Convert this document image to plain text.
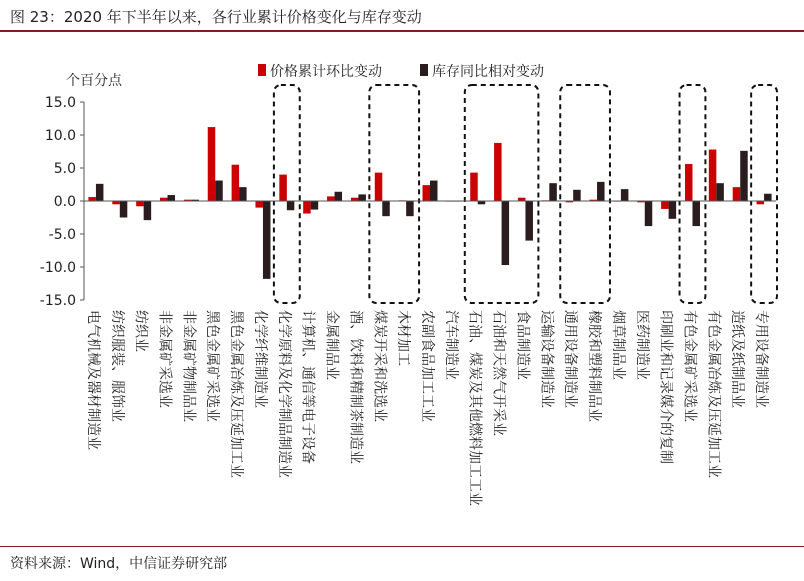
图 23：2020 年下半年以来，各行业累计价格变化与库存变动
个百分点
15.0
10.0
5.0
0.0
-5.0
-10.0
-15.0
电气机械及器材制造业 纺织服装、服饰业 纺织业 非金属矿采选业 非金属矿物制品业 黑色金属矿采选业 黑色金属冶炼及压延加工业 化学纤维制造业 化学原料及化学制品制造业 计算机、通信等电子设备 金属制品业 酒、饮料和精制茶制造业 煤炭开采和洗选业 木材加工 农副食品加工工业 汽车制造业 石油、煤炭及其他燃料加工工业 石油和天然气开采业 食品制造业 运输设备制造业 通用设备制造业 橡胶和塑料制品业 烟草制品业 医药制造业 印刷业和记录媒介的复制 有色金属矿采选业 有色金属冶炼及压延加工业 造纸及纸制品业 专用设备制造业
价格累计环比变动	库存同比相对变动
资料来源：Wind，中信证券研究部
